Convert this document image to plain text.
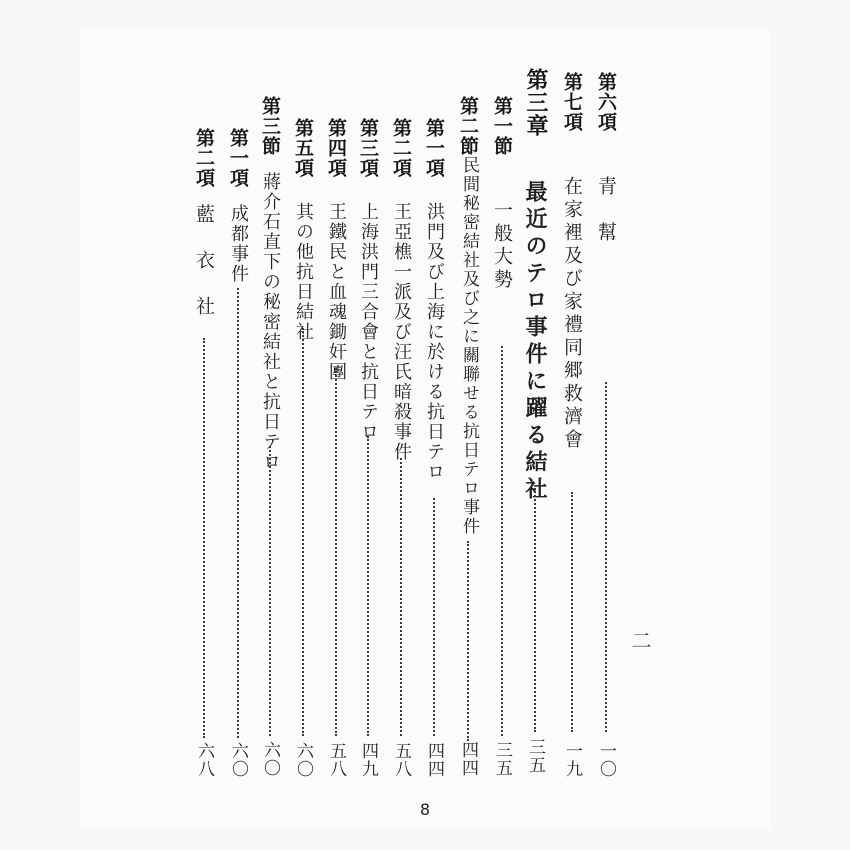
第六項
青　幫
一〇
第七項
在家裡及び家禮同郷救濟會
一九
第三章
最近のテロ事件に躍る結社
三五
第一節
一般大勢
三五
第二節
民間秘密結社及び之に關聯せる抗日テロ事件
四四
第一項
洪門及び上海に於ける抗日テロ
四四
第二項
王亞樵一派及び汪氏暗殺事件
五八
第三項
上海洪門三合會と抗日テロ
四九
第四項
王鐵民と血魂鋤奸團
五八
第五項
其の他抗日結社
六〇
第三節
蔣介石直下の秘密結社と抗日テロ
六〇
第一項
成都事件
六〇
第二項
藍　衣　社
六八
二
8
